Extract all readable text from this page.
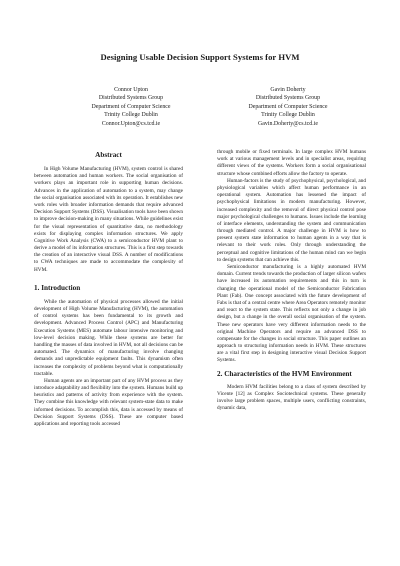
Designing Usable Decision Support Systems for HVM
Connor Upton
Distributed Systems Group
Department of Computer Science
Trinity College Dublin
Connor.Upton@cs.tcd.ie
Gavin Doherty
Distributed Systems Group
Department of Computer Science
Trinity College Dublin
Gavin.Doherty@cs.tcd.ie
Abstract

In High Volume Manufacturing (HVM), system control is shared between automation and human workers. The social organisation of workers plays an important role in supporting human decisions. Advances in the application of automation to a system, may change the social organisation associated with its operation. It establishes new work roles with broader information demands that require advanced Decision Support Systems (DSS). Visualisation tools have been shown to improve decision-making in many situations. While guidelines exist for the visual representation of quantitative data, no methodology exists for displaying complex information structures. We apply Cognitive Work Analysis (CWA) to a semiconductor HVM plant to derive a model of its information structures. This is a first step towards the creation of an interactive visual DSS. A number of modifications to CWA techniques are made to accommodate the complexity of HVM.

1. Introduction

While the automation of physical processes allowed the initial development of High Volume Manufacturing (HVM), the automation of control systems has been fundamental to its growth and development. Advanced Process Control (APC) and Manufacturing Execution Systems (MES) automate labour intensive monitoring and low-level decision making. While these systems are better for handling the masses of data involved in HVM, not all decisions can be automated. The dynamics of manufacturing involve changing demands and unpredictable equipment faults. This dynamism often increases the complexity of problems beyond what is computationally tractable.

Human agents are an important part of any HVM process as they introduce adaptability and flexibility into the system. Humans build up heuristics and patterns of activity from experience with the system. They combine this knowledge with relevant system-state data to make informed decisions. To accomplish this, data is accessed by means of Decision Support Systems (DSS). These are computer based applications and reporting tools accessed

through mobile or fixed terminals. In large complex HVM humans work at various management levels and in specialist areas, requiring different views of the systems. Workers form a social organisational structure whose combined efforts allow the factory to operate.

Human-factors is the study of psychophysical, psychological, and physiological variables which affect human performance in an operational system. Automation has lessened the impact of psychophysical limitations in modern manufacturing. However, increased complexity and the removal of direct physical control pose major psychological challenges to humans. Issues include the learning of interface elements, understanding the system and communication through mediated control. A major challenge in HVM is how to present system state information to human agents in a way that is relevant to their work roles. Only through understanding the perceptual and cognitive limitations of the human mind can we begin to design systems that can achieve this.

Semiconductor manufacturing is a highly automated HVM domain. Current trends towards the production of larger silicon wafers have increased its automation requirements and this in turn is changing the operational model of the Semiconductor Fabrication Plant (Fab). One concept associated with the future development of Fabs is that of a central centre where Area Operators remotely monitor and react to the system state. This reflects not only a change in job design, but a change in the overall social organisation of the system. These new operators have very different information needs to the original Machine Operators and require an advanced DSS to compensate for the changes in social structure. This paper outlines an approach to structuring information needs in HVM. These structures are a vital first step in designing interactive visual Decision Support Systems.

2. Characteristics of the HVM Environment

Modern HVM facilities belong to a class of system described by Vicente [12] as Complex Sociotechnical systems. These generally involve large problem spaces, multiple users, conflicting constraints, dynamic data,
